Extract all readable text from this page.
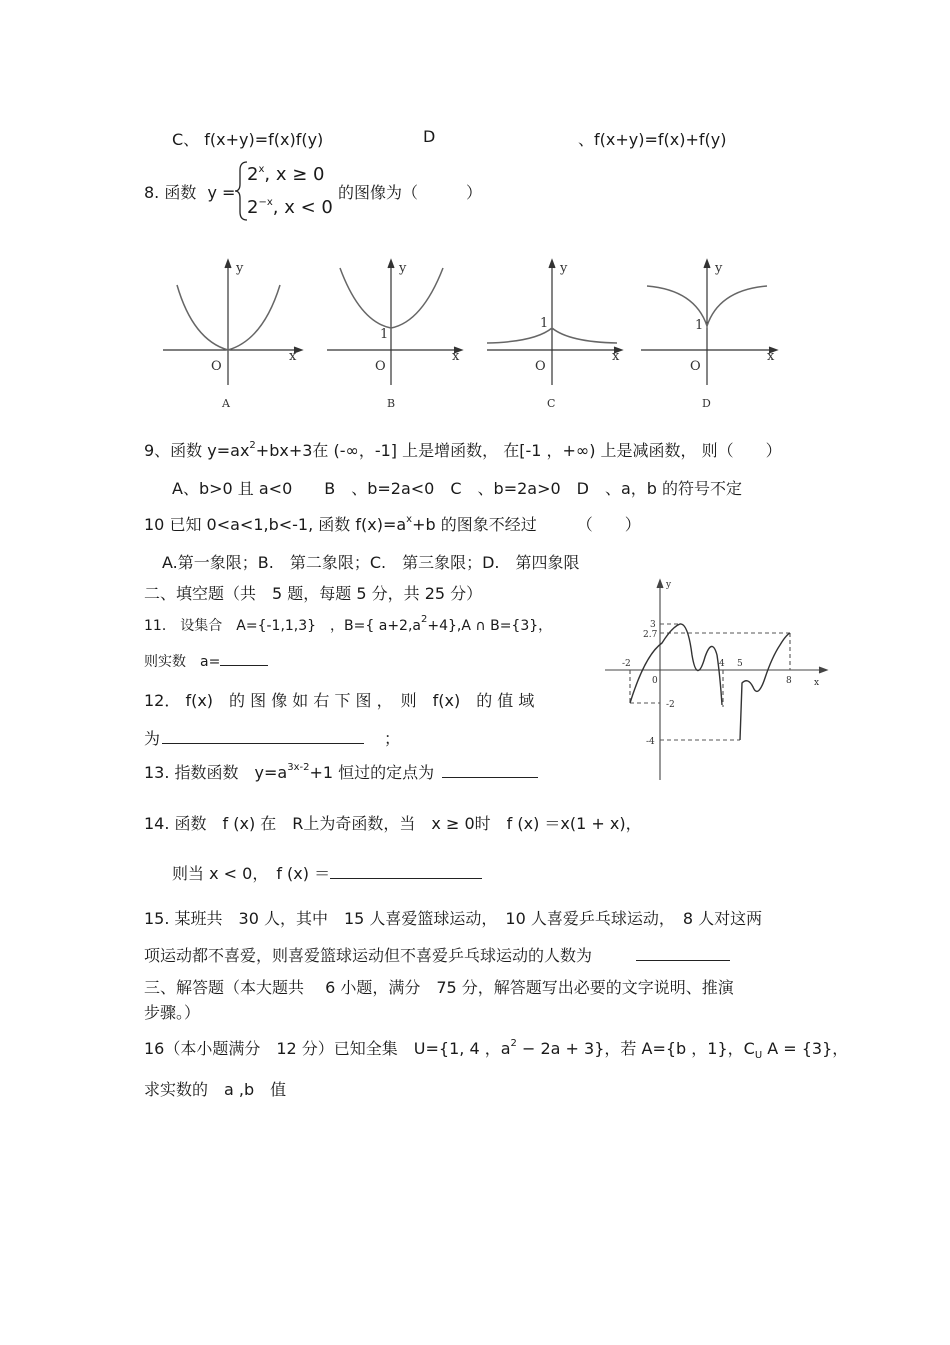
C、 f(x+y)=f(x)f(y)	D	、f(x+y)=f(x)+f(y)
8. 函数 y =
$2^x$, x ≥ 0
$2^{-x}$, x < 0
的图像为（　　　）
y
x
O
A
y
x
O
1
B
y
x
O
1
C
y
x
O
1
D
9、函数 $y=ax^2+bx+3$在 (-∞，-1] 上是增函数， 在[-1 ，+∞) 上是减函数， 则（　　）
A、b>0 且 a<0　　B　、b=2a<0　C　、b=2a>0　D　、a，b 的符号不定
10 已知 0<a<1,b<-1, 函数 $f(x)=a^x+b$ 的图象不经过　　　（　　）
A.第一象限；B.　第二象限；C.　第三象限；D.　第四象限
二、填空题（共　5 题，每题 5 分，共 25 分）
11． 设集合　A={-1,1,3}　，B={ $a+2,a^2+4\},A$ ∩ B={3}，
则实数　a=
12． f(x)　的 图 像 如 右 下 图 ，　则　f(x)　的 值 域
为	；
y
x
0
-2	4 5
8
3
2.7
-2
-4
13. 指数函数　$y=a^{3x-2}+1$ 恒过的定点为
14. 函数　f (x) 在　R上为奇函数，当　x ≥ 0时　f (x) ＝x(1 + x)，
则当 x < 0，　f (x) ＝
15. 某班共　30 人，其中　15 人喜爱篮球运动，　10 人喜爱乒乓球运动，　8 人对这两
项运动都不喜爱，则喜爱篮球运动但不喜爱乒乓球运动的人数为
三、解答题（本大题共　 6 小题，满分　75 分，解答题写出必要的文字说明、推演
步骤。）
16（本小题满分　12 分）已知全集　U={1, 4 ，$a^2 - 2a + 3$}，若 A={b ，1}，$C_U$ A = {3}，
求实数的　a ,b　值
